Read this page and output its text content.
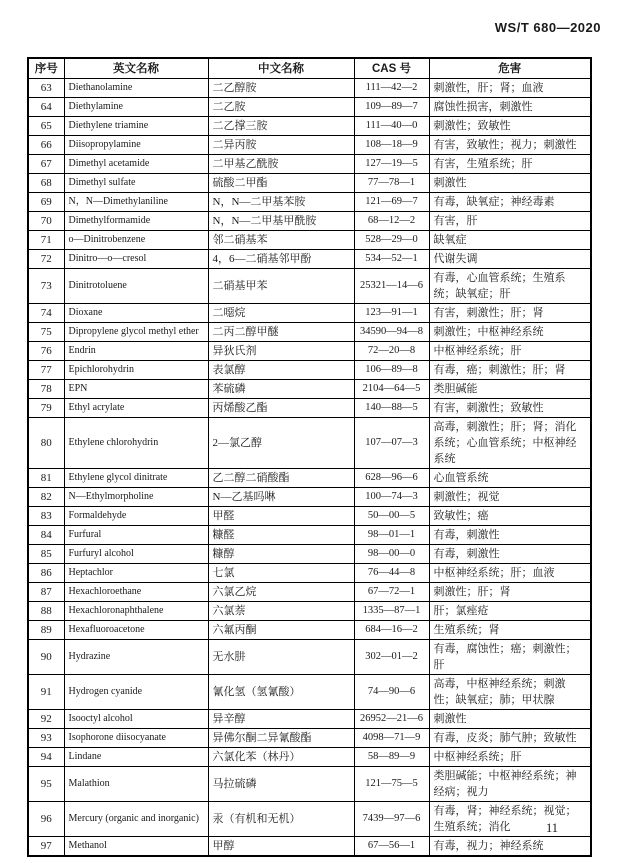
WS/T 680—2020
序号	英文名称	中文名称	CAS 号	危害
63	Diethanolamine	二乙醇胺	111—42—2	刺激性，肝；肾；血液
64	Diethylamine	二乙胺	109—89—7	腐蚀性损害，刺激性
65	Diethylene triamine	二乙撑三胺	111—40—0	刺激性；致敏性
66	Diisopropylamine	二异丙胺	108—18—9	有害，致敏性；视力；刺激性
67	Dimethyl acetamide	二甲基乙酰胺	127—19—5	有害，生殖系统；肝
68	Dimethyl sulfate	硫酸二甲酯	77—78—1	刺激性
69	N，N—Dimethylaniline	N，N—二甲基苯胺	121—69—7	有毒，缺氧症；神经毒素
70	Dimethylformamide	N，N—二甲基甲酰胺	68—12—2	有害，肝
71	o—Dinitrobenzene	邻二硝基苯	528—29—0	缺氧症
72	Dinitro—o—cresol	4，6—二硝基邻甲酚	534—52—1	代谢失调
73	Dinitrotoluene	二硝基甲苯	25321—14—6	有毒，心血管系统；生殖系统；缺氧症；肝
74	Dioxane	二噁烷	123—91—1	有害，刺激性；肝；肾
75	Dipropylene glycol methyl ether	二丙二醇甲醚	34590—94—8	刺激性；中枢神经系统
76	Endrin	异狄氏剂	72—20—8	中枢神经系统；肝
77	Epichlorohydrin	表氯醇	106—89—8	有毒，癌；刺激性；肝；肾
78	EPN	苯硫磷	2104—64—5	类胆碱能
79	Ethyl acrylate	丙烯酸乙酯	140—88—5	有害，刺激性；致敏性
80	Ethylene chlorohydrin	2—氯乙醇	107—07—3	高毒，刺激性；肝；肾；消化系统；心血管系统；中枢神经系统
81	Ethylene glycol dinitrate	乙二醇二硝酸酯	628—96—6	心血管系统
82	N—Ethylmorpholine	N—乙基吗啉	100—74—3	刺激性；视觉
83	Formaldehyde	甲醛	50—00—5	致敏性；癌
84	Furfural	糠醛	98—01—1	有毒，刺激性
85	Furfuryl alcohol	糠醇	98—00—0	有毒，刺激性
86	Heptachlor	七氯	76—44—8	中枢神经系统；肝；血液
87	Hexachloroethane	六氯乙烷	67—72—1	刺激性；肝；肾
88	Hexachloronaphthalene	六氯萘	1335—87—1	肝；氯痤疮
89	Hexafluoroacetone	六氟丙酮	684—16—2	生殖系统；肾
90	Hydrazine	无水肼	302—01—2	有毒，腐蚀性；癌；刺激性；肝
91	Hydrogen cyanide	氰化氢（氢氰酸）	74—90—6	高毒，中枢神经系统；刺激性；缺氧症；肺；甲状腺
92	Isooctyl alcohol	异辛醇	26952—21—6	刺激性
93	Isophorone diisocyanate	异佛尔酮二异氰酸酯	4098—71—9	有毒，皮炎；肺气肿；致敏性
94	Lindane	六氯化苯（林丹）	58—89—9	中枢神经系统；肝
95	Malathion	马拉硫磷	121—75—5	类胆碱能；中枢神经系统；神经病；视力
96	Mercury (organic and inorganic)	汞（有机和无机）	7439—97—6	有毒，肾；神经系统；视觉；生殖系统；消化
97	Methanol	甲醇	67—56—1	有毒，视力；神经系统
11
